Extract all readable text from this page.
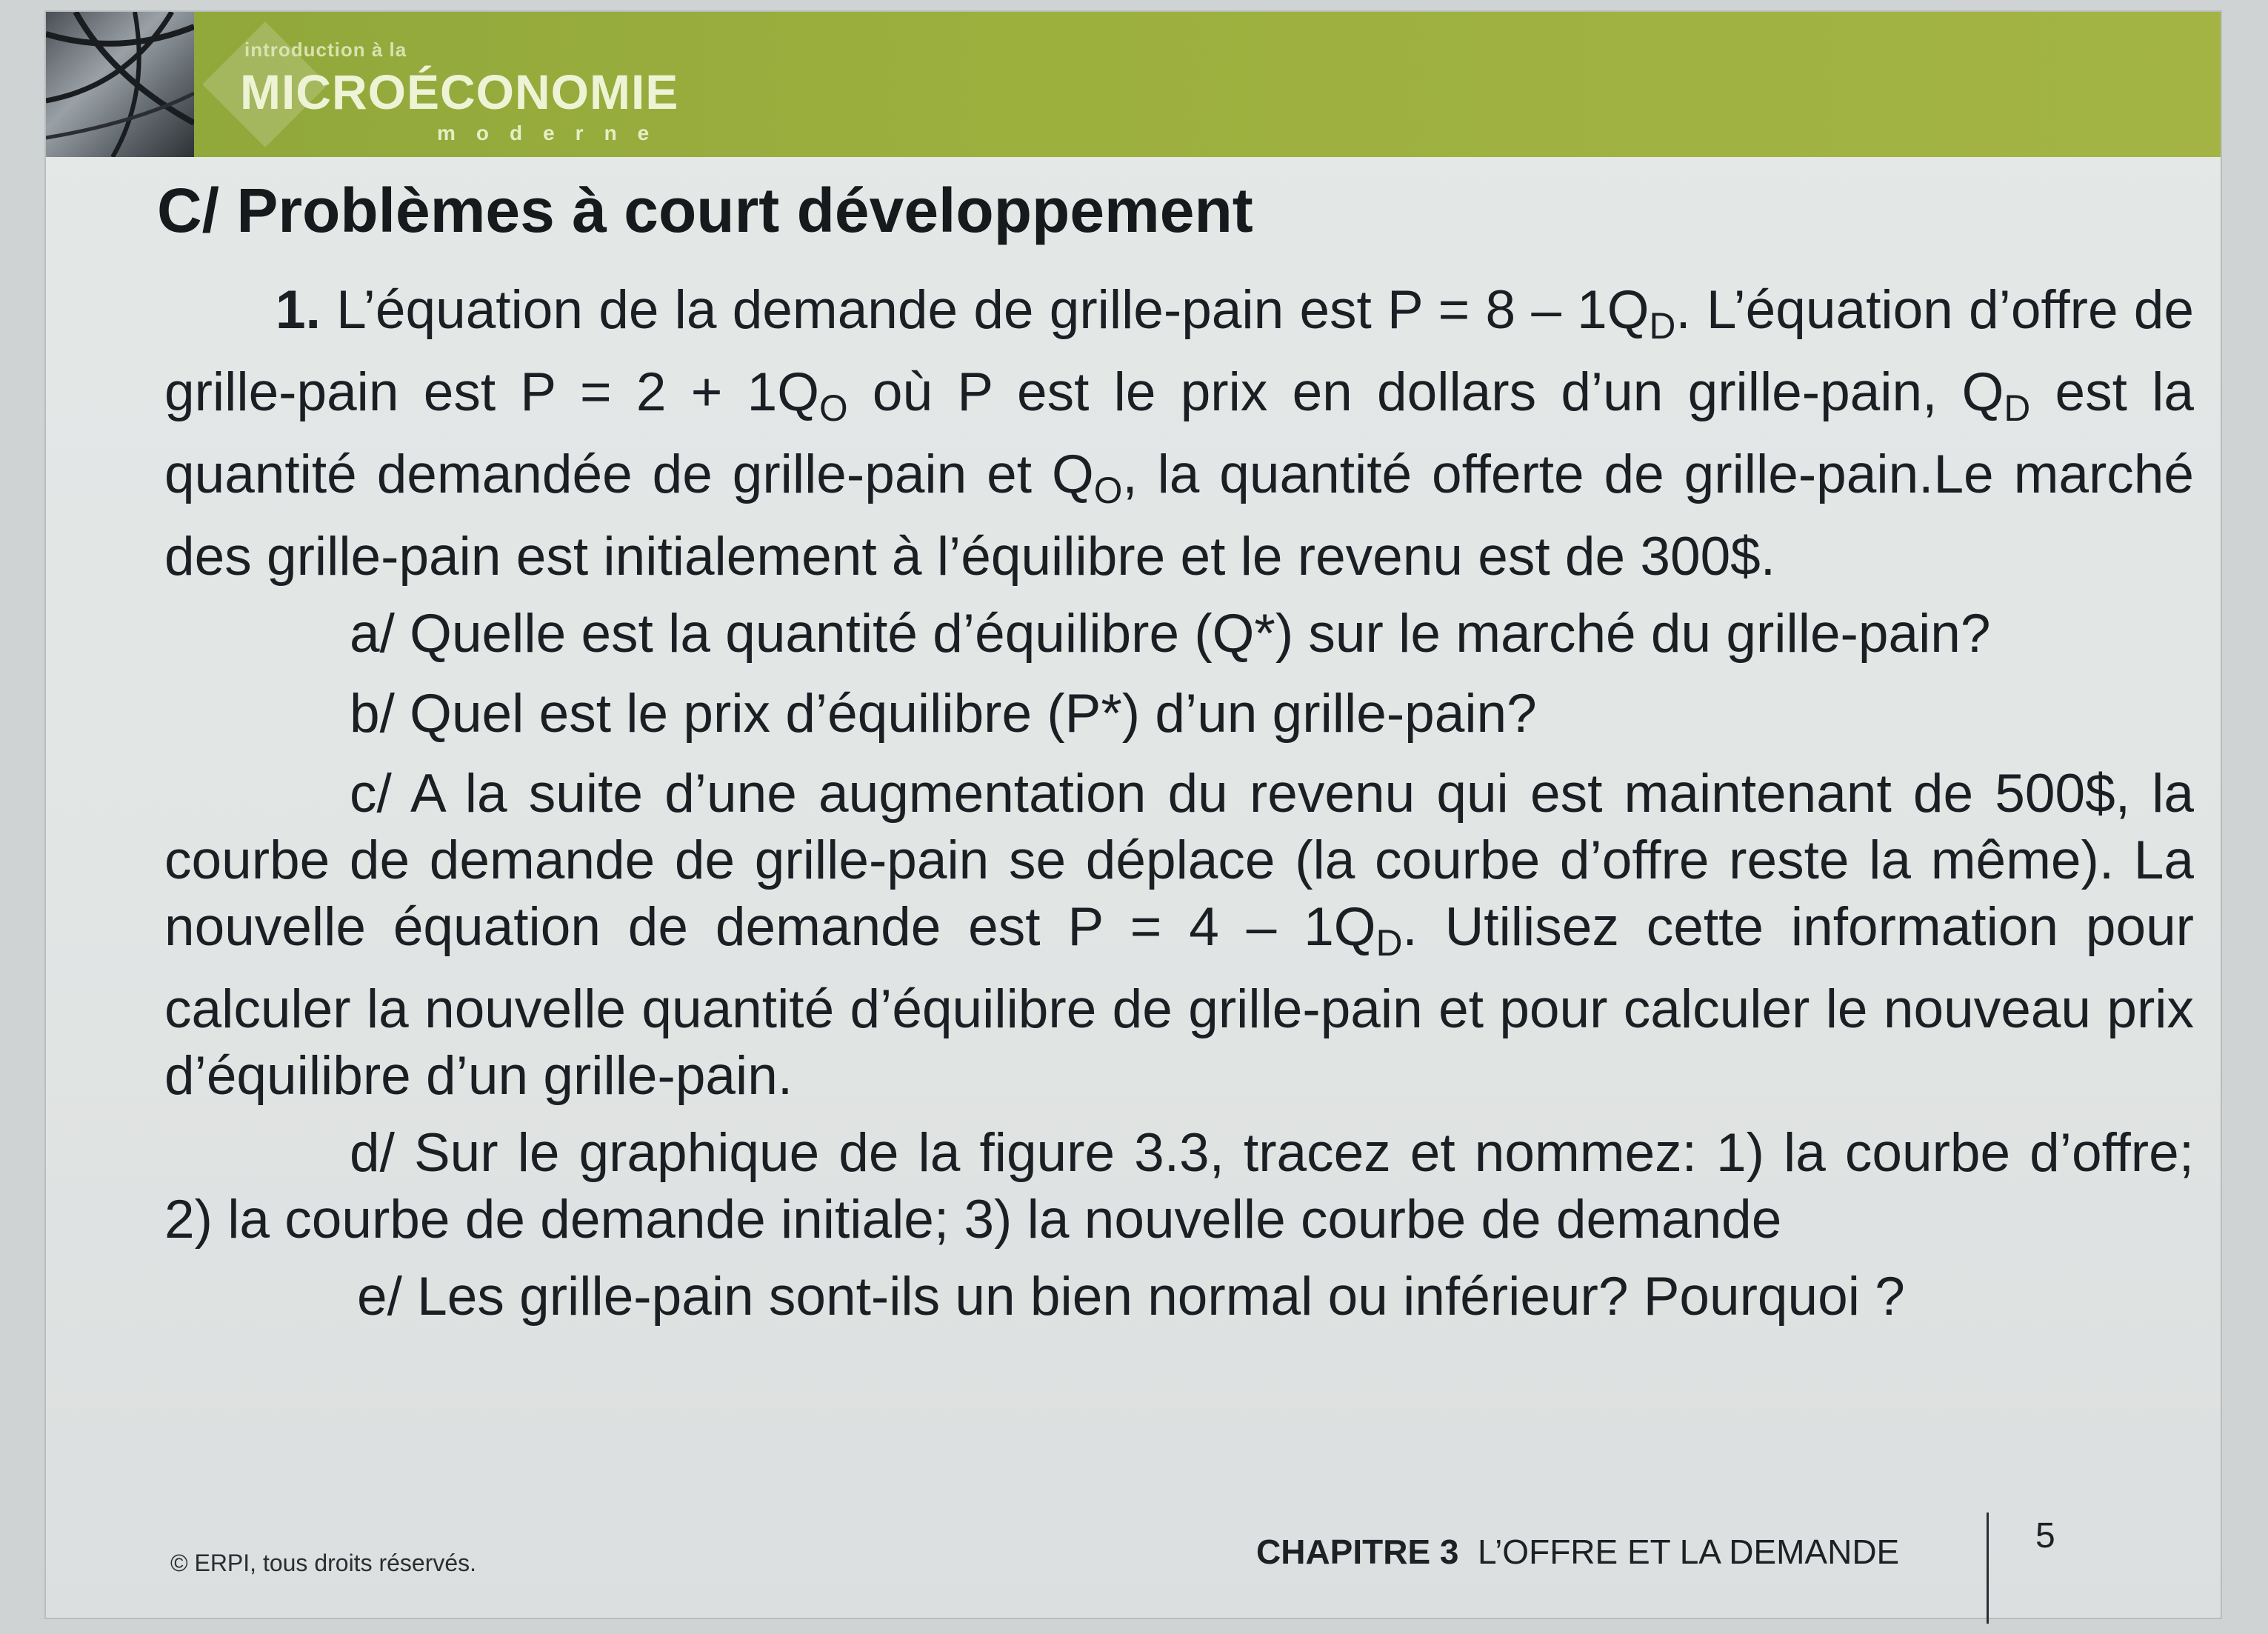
introduction à la
MICROÉCONOMIE
moderne
C/ Problèmes à court développement

1. L’équation de la demande de grille-pain est $P = 8 - 1Q_D$. L’équation d’offre de grille-pain est $P = 2 + 1Q_O$ où P est le prix en dollars d’un grille-pain, $Q_D$ est la quantité demandée de grille-pain et $Q_O$, la quantité offerte de grille-pain.Le marché des grille-pain est initialement à l’équilibre et le revenu est de 300$.

a/ Quelle est la quantité d’équilibre (Q*) sur le marché du grille-pain?

b/ Quel est le prix d’équilibre (P*) d’un grille-pain?

c/ A la suite d’une augmentation du revenu qui est maintenant de 500$, la courbe de demande de grille-pain se déplace (la courbe d’offre reste la même). La nouvelle équation de demande est $P = 4 - 1Q_D$. Utilisez cette information pour calculer la nouvelle quantité d’équilibre de grille-pain et pour calculer le nouveau prix d’équilibre d’un grille-pain.

d/ Sur le graphique de la figure 3.3, tracez et nommez: 1) la courbe d’offre; 2) la courbe de demande initiale; 3) la nouvelle courbe de demande

e/ Les grille-pain sont-ils un bien normal ou inférieur? Pourquoi ?

© ERPI, tous droits réservés.	CHAPITRE 3 L’OFFRE ET LA DEMANDE	5
